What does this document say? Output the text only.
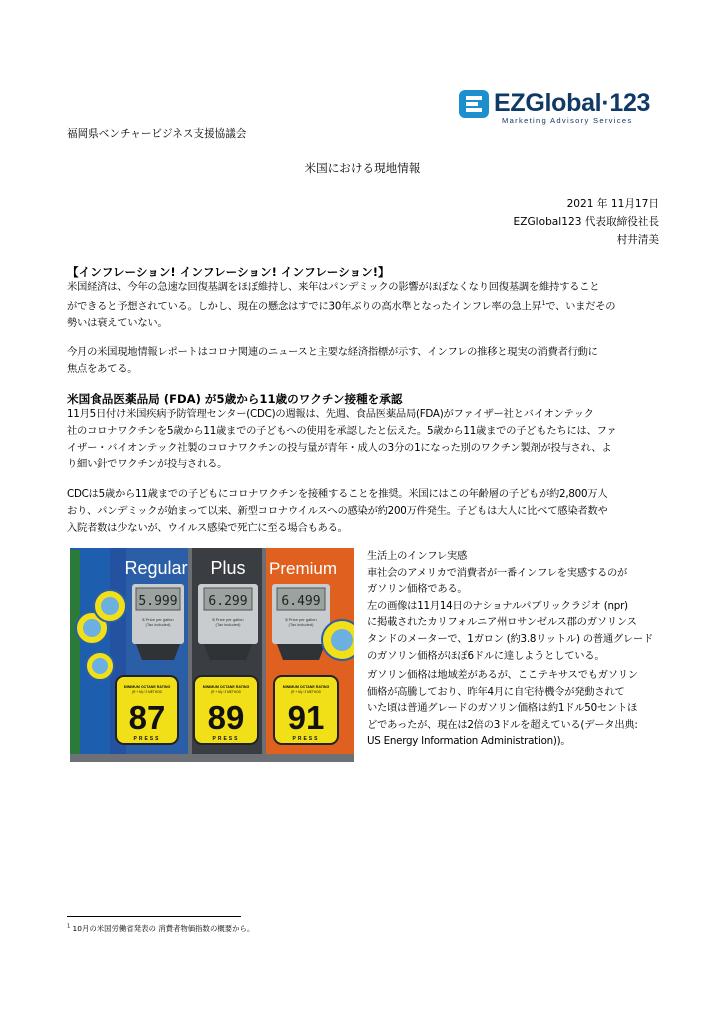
EZGlobal·123
Marketing Advisory Services
福岡県ベンチャービジネス支援協議会
米国における現地情報
2021 年 11月17日
EZGlobal123 代表取締役社長
村井清美
【インフレーション! インフレーション! インフレーション!】
米国経済は、今年の急速な回復基調をほぼ維持し、来年はパンデミックの影響がほぼなくなり回復基調を維持すること
ができると予想されている。しかし、現在の懸念はすでに30年ぶりの高水準となったインフレ率の急上昇$^1$で、いまだその
勢いは衰えていない。
今月の米国現地情報レポートはコロナ関連のニュースと主要な経済指標が示す、インフレの推移と現実の消費者行動に
焦点をあてる。
米国食品医薬品局 (FDA) が5歳から11歳のワクチン接種を承認
11月5日付け米国疾病予防管理センター(CDC)の週報は、先週、食品医薬品局(FDA)がファイザー社とバイオンテック
社のコロナワクチンを5歳から11歳までの子どもへの使用を承認したと伝えた。5歳から11歳までの子どもたちには、ファ
イザー・バイオンテック社製のコロナワクチンの投与量が青年・成人の3分の1になった別のワクチン製剤が投与され、よ
り細い針でワクチンが投与される。
CDCは5歳から11歳までの子どもにコロナワクチンを接種することを推奨。米国にはこの年齢層の子どもが約2,800万人
おり、パンデミックが始まって以来、新型コロナウイルスへの感染が約200万件発生。子どもは大人に比べて感染者数や
入院者数は少ないが、ウイルス感染で死亡に至る場合もある。
Regular Plus Premium
5.999 6.299	6.499
$ Price per gallon
(Tax included)
$ Price per gallon
(Tax included)
$ Price per gallon
(Tax included)
MINIMUM OCTANE RATING
(R + M) / 2 METHOD
MINIMUM OCTANE RATING
(R + M) / 2 METHOD
MINIMUM OCTANE RATING
(R + M) / 2 METHOD
87 89 91
PRESS	PRESS	PRESS
生活上のインフレ実感
車社会のアメリカで消費者が一番インフレを実感するのが
ガソリン価格である。
左の画像は11月14日のナショナルパブリックラジオ (npr)
に掲載されたカリフォルニア州ロサンゼルス郡のガソリンス
タンドのメーターで、1ガロン (約3.8リットル) の普通グレード
のガソリン価格がほぼ6ドルに達しようとしている。
ガソリン価格は地域差があるが、ここテキサスでもガソリン
価格が高騰しており、昨年4月に自宅待機令が発動されて
いた頃は普通グレードのガソリン価格は約1ドル50セントほ
どであったが、現在は2倍の3ドルを超えている(データ出典:
US Energy Information Administration))。
$^1$ 10月の米国労働省発表の 消費者物価指数の概要から。
